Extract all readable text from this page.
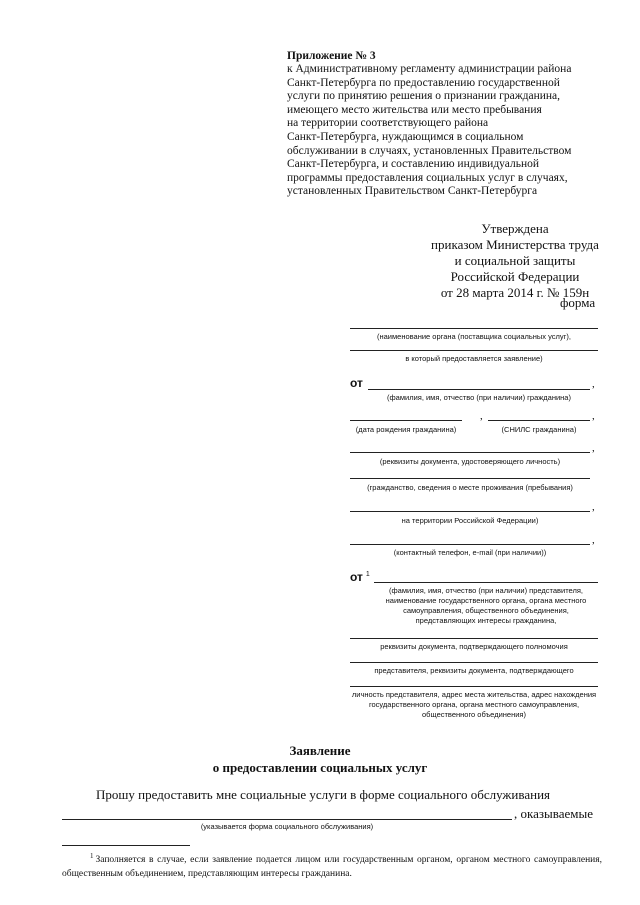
Приложение № 3
к Административному регламенту администрации района
Санкт-Петербурга по предоставлению государственной
услуги по принятию решения о признании гражданина,
имеющего место жительства или место пребывания
на территории соответствующего района
Санкт-Петербурга, нуждающимся в социальном
обслуживании в случаях, установленных Правительством
Санкт-Петербурга, и составлению индивидуальной
программы предоставления социальных услуг в случаях,
установленных Правительством Санкт-Петербурга
Утверждена
приказом Министерства труда
и социальной защиты
Российской Федерации
от 28 марта 2014 г. № 159н
форма
(наименование органа (поставщика социальных услуг),
в который предоставляется заявление)
от	,
(фамилия, имя, отчество (при наличии) гражданина)
,	,
(дата рождения гражданина)	(СНИЛС гражданина)
,
(реквизиты документа, удостоверяющего личность)
(гражданство, сведения о месте проживания (пребывания)
,
на территории Российской Федерации)
,
(контактный телефон, e-mail (при наличии))
от $^1$
(фамилия, имя, отчество (при наличии) представителя, наименование государственного органа, органа местного самоуправления, общественного объединения, представляющих интересы гражданина,
реквизиты документа, подтверждающего полномочия
представителя, реквизиты документа, подтверждающего
личность представителя, адрес места жительства, адрес нахождения государственного органа, органа местного самоуправления, общественного объединения)
Заявление
о предоставлении социальных услуг
Прошу предоставить мне социальные услуги в форме социального обслуживания
, оказываемые
(указывается форма социального обслуживания)
$^1$ Заполняется в случае, если заявление подается лицом или государственным органом, органом местного самоуправления, общественным объединением, представляющим интересы гражданина.
